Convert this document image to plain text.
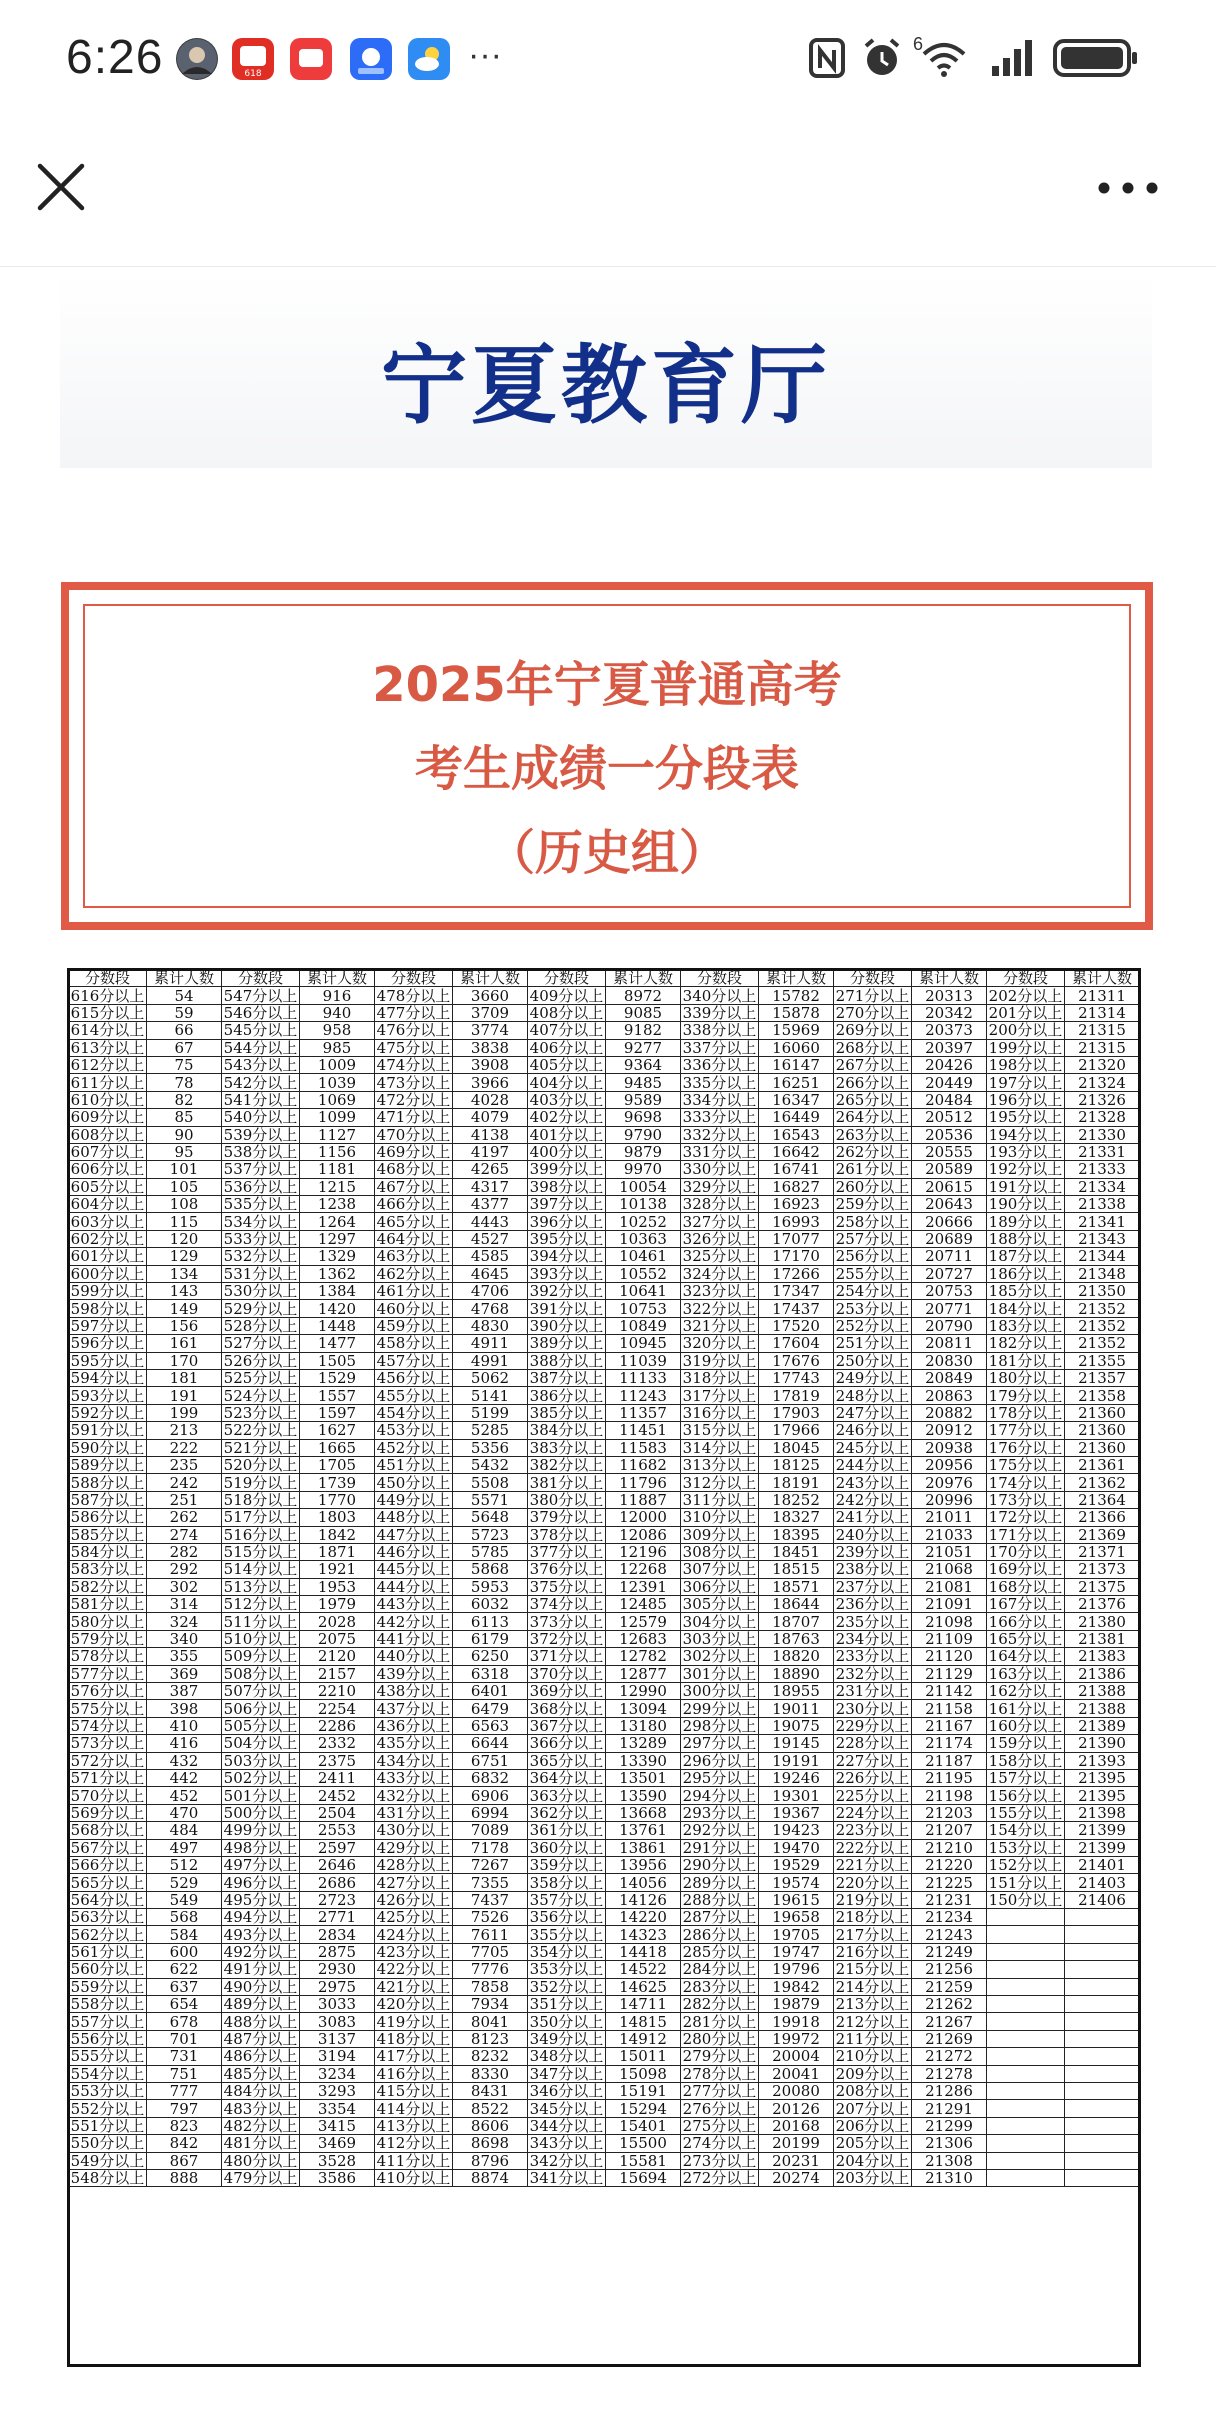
6:26	618	···	6
宁夏教育厅
2025年宁夏普通高考
考生成绩一分段表
（历史组）
分数段	累计人数	分数段	累计人数	分数段	累计人数	分数段	累计人数	分数段	累计人数	分数段	累计人数	分数段	累计人数
616分以上	54	547分以上	916	478分以上	3660	409分以上	8972	340分以上	15782	271分以上	20313	202分以上	21311
615分以上	59	546分以上	940	477分以上	3709	408分以上	9085	339分以上	15878	270分以上	20342	201分以上	21314
614分以上	66	545分以上	958	476分以上	3774	407分以上	9182	338分以上	15969	269分以上	20373	200分以上	21315
613分以上	67	544分以上	985	475分以上	3838	406分以上	9277	337分以上	16060	268分以上	20397	199分以上	21315
612分以上	75	543分以上	1009	474分以上	3908	405分以上	9364	336分以上	16147	267分以上	20426	198分以上	21320
611分以上	78	542分以上	1039	473分以上	3966	404分以上	9485	335分以上	16251	266分以上	20449	197分以上	21324
610分以上	82	541分以上	1069	472分以上	4028	403分以上	9589	334分以上	16347	265分以上	20484	196分以上	21326
609分以上	85	540分以上	1099	471分以上	4079	402分以上	9698	333分以上	16449	264分以上	20512	195分以上	21328
608分以上	90	539分以上	1127	470分以上	4138	401分以上	9790	332分以上	16543	263分以上	20536	194分以上	21330
607分以上	95	538分以上	1156	469分以上	4197	400分以上	9879	331分以上	16642	262分以上	20555	193分以上	21331
606分以上	101	537分以上	1181	468分以上	4265	399分以上	9970	330分以上	16741	261分以上	20589	192分以上	21333
605分以上	105	536分以上	1215	467分以上	4317	398分以上	10054	329分以上	16827	260分以上	20615	191分以上	21334
604分以上	108	535分以上	1238	466分以上	4377	397分以上	10138	328分以上	16923	259分以上	20643	190分以上	21338
603分以上	115	534分以上	1264	465分以上	4443	396分以上	10252	327分以上	16993	258分以上	20666	189分以上	21341
602分以上	120	533分以上	1297	464分以上	4527	395分以上	10363	326分以上	17077	257分以上	20689	188分以上	21343
601分以上	129	532分以上	1329	463分以上	4585	394分以上	10461	325分以上	17170	256分以上	20711	187分以上	21344
600分以上	134	531分以上	1362	462分以上	4645	393分以上	10552	324分以上	17266	255分以上	20727	186分以上	21348
599分以上	143	530分以上	1384	461分以上	4706	392分以上	10641	323分以上	17347	254分以上	20753	185分以上	21350
598分以上	149	529分以上	1420	460分以上	4768	391分以上	10753	322分以上	17437	253分以上	20771	184分以上	21352
597分以上	156	528分以上	1448	459分以上	4830	390分以上	10849	321分以上	17520	252分以上	20790	183分以上	21352
596分以上	161	527分以上	1477	458分以上	4911	389分以上	10945	320分以上	17604	251分以上	20811	182分以上	21352
595分以上	170	526分以上	1505	457分以上	4991	388分以上	11039	319分以上	17676	250分以上	20830	181分以上	21355
594分以上	181	525分以上	1529	456分以上	5062	387分以上	11133	318分以上	17743	249分以上	20849	180分以上	21357
593分以上	191	524分以上	1557	455分以上	5141	386分以上	11243	317分以上	17819	248分以上	20863	179分以上	21358
592分以上	199	523分以上	1597	454分以上	5199	385分以上	11357	316分以上	17903	247分以上	20882	178分以上	21360
591分以上	213	522分以上	1627	453分以上	5285	384分以上	11451	315分以上	17966	246分以上	20912	177分以上	21360
590分以上	222	521分以上	1665	452分以上	5356	383分以上	11583	314分以上	18045	245分以上	20938	176分以上	21360
589分以上	235	520分以上	1705	451分以上	5432	382分以上	11682	313分以上	18125	244分以上	20956	175分以上	21361
588分以上	242	519分以上	1739	450分以上	5508	381分以上	11796	312分以上	18191	243分以上	20976	174分以上	21362
587分以上	251	518分以上	1770	449分以上	5571	380分以上	11887	311分以上	18252	242分以上	20996	173分以上	21364
586分以上	262	517分以上	1803	448分以上	5648	379分以上	12000	310分以上	18327	241分以上	21011	172分以上	21366
585分以上	274	516分以上	1842	447分以上	5723	378分以上	12086	309分以上	18395	240分以上	21033	171分以上	21369
584分以上	282	515分以上	1871	446分以上	5785	377分以上	12196	308分以上	18451	239分以上	21051	170分以上	21371
583分以上	292	514分以上	1921	445分以上	5868	376分以上	12268	307分以上	18515	238分以上	21068	169分以上	21373
582分以上	302	513分以上	1953	444分以上	5953	375分以上	12391	306分以上	18571	237分以上	21081	168分以上	21375
581分以上	314	512分以上	1979	443分以上	6032	374分以上	12485	305分以上	18644	236分以上	21091	167分以上	21376
580分以上	324	511分以上	2028	442分以上	6113	373分以上	12579	304分以上	18707	235分以上	21098	166分以上	21380
579分以上	340	510分以上	2075	441分以上	6179	372分以上	12683	303分以上	18763	234分以上	21109	165分以上	21381
578分以上	355	509分以上	2120	440分以上	6250	371分以上	12782	302分以上	18820	233分以上	21120	164分以上	21383
577分以上	369	508分以上	2157	439分以上	6318	370分以上	12877	301分以上	18890	232分以上	21129	163分以上	21386
576分以上	387	507分以上	2210	438分以上	6401	369分以上	12990	300分以上	18955	231分以上	21142	162分以上	21388
575分以上	398	506分以上	2254	437分以上	6479	368分以上	13094	299分以上	19011	230分以上	21158	161分以上	21388
574分以上	410	505分以上	2286	436分以上	6563	367分以上	13180	298分以上	19075	229分以上	21167	160分以上	21389
573分以上	416	504分以上	2332	435分以上	6644	366分以上	13289	297分以上	19145	228分以上	21174	159分以上	21390
572分以上	432	503分以上	2375	434分以上	6751	365分以上	13390	296分以上	19191	227分以上	21187	158分以上	21393
571分以上	442	502分以上	2411	433分以上	6832	364分以上	13501	295分以上	19246	226分以上	21195	157分以上	21395
570分以上	452	501分以上	2452	432分以上	6906	363分以上	13590	294分以上	19301	225分以上	21198	156分以上	21395
569分以上	470	500分以上	2504	431分以上	6994	362分以上	13668	293分以上	19367	224分以上	21203	155分以上	21398
568分以上	484	499分以上	2553	430分以上	7089	361分以上	13761	292分以上	19423	223分以上	21207	154分以上	21399
567分以上	497	498分以上	2597	429分以上	7178	360分以上	13861	291分以上	19470	222分以上	21210	153分以上	21399
566分以上	512	497分以上	2646	428分以上	7267	359分以上	13956	290分以上	19529	221分以上	21220	152分以上	21401
565分以上	529	496分以上	2686	427分以上	7355	358分以上	14056	289分以上	19574	220分以上	21225	151分以上	21403
564分以上	549	495分以上	2723	426分以上	7437	357分以上	14126	288分以上	19615	219分以上	21231	150分以上	21406
563分以上	568	494分以上	2771	425分以上	7526	356分以上	14220	287分以上	19658	218分以上	21234		
562分以上	584	493分以上	2834	424分以上	7611	355分以上	14323	286分以上	19705	217分以上	21243		
561分以上	600	492分以上	2875	423分以上	7705	354分以上	14418	285分以上	19747	216分以上	21249		
560分以上	622	491分以上	2930	422分以上	7776	353分以上	14522	284分以上	19796	215分以上	21256		
559分以上	637	490分以上	2975	421分以上	7858	352分以上	14625	283分以上	19842	214分以上	21259		
558分以上	654	489分以上	3033	420分以上	7934	351分以上	14711	282分以上	19879	213分以上	21262		
557分以上	678	488分以上	3083	419分以上	8041	350分以上	14815	281分以上	19918	212分以上	21267		
556分以上	701	487分以上	3137	418分以上	8123	349分以上	14912	280分以上	19972	211分以上	21269		
555分以上	731	486分以上	3194	417分以上	8232	348分以上	15011	279分以上	20004	210分以上	21272		
554分以上	751	485分以上	3234	416分以上	8330	347分以上	15098	278分以上	20041	209分以上	21278		
553分以上	777	484分以上	3293	415分以上	8431	346分以上	15191	277分以上	20080	208分以上	21286		
552分以上	797	483分以上	3354	414分以上	8522	345分以上	15294	276分以上	20126	207分以上	21291		
551分以上	823	482分以上	3415	413分以上	8606	344分以上	15401	275分以上	20168	206分以上	21299		
550分以上	842	481分以上	3469	412分以上	8698	343分以上	15500	274分以上	20199	205分以上	21306		
549分以上	867	480分以上	3528	411分以上	8796	342分以上	15581	273分以上	20231	204分以上	21308		
548分以上	888	479分以上	3586	410分以上	8874	341分以上	15694	272分以上	20274	203分以上	21310		
